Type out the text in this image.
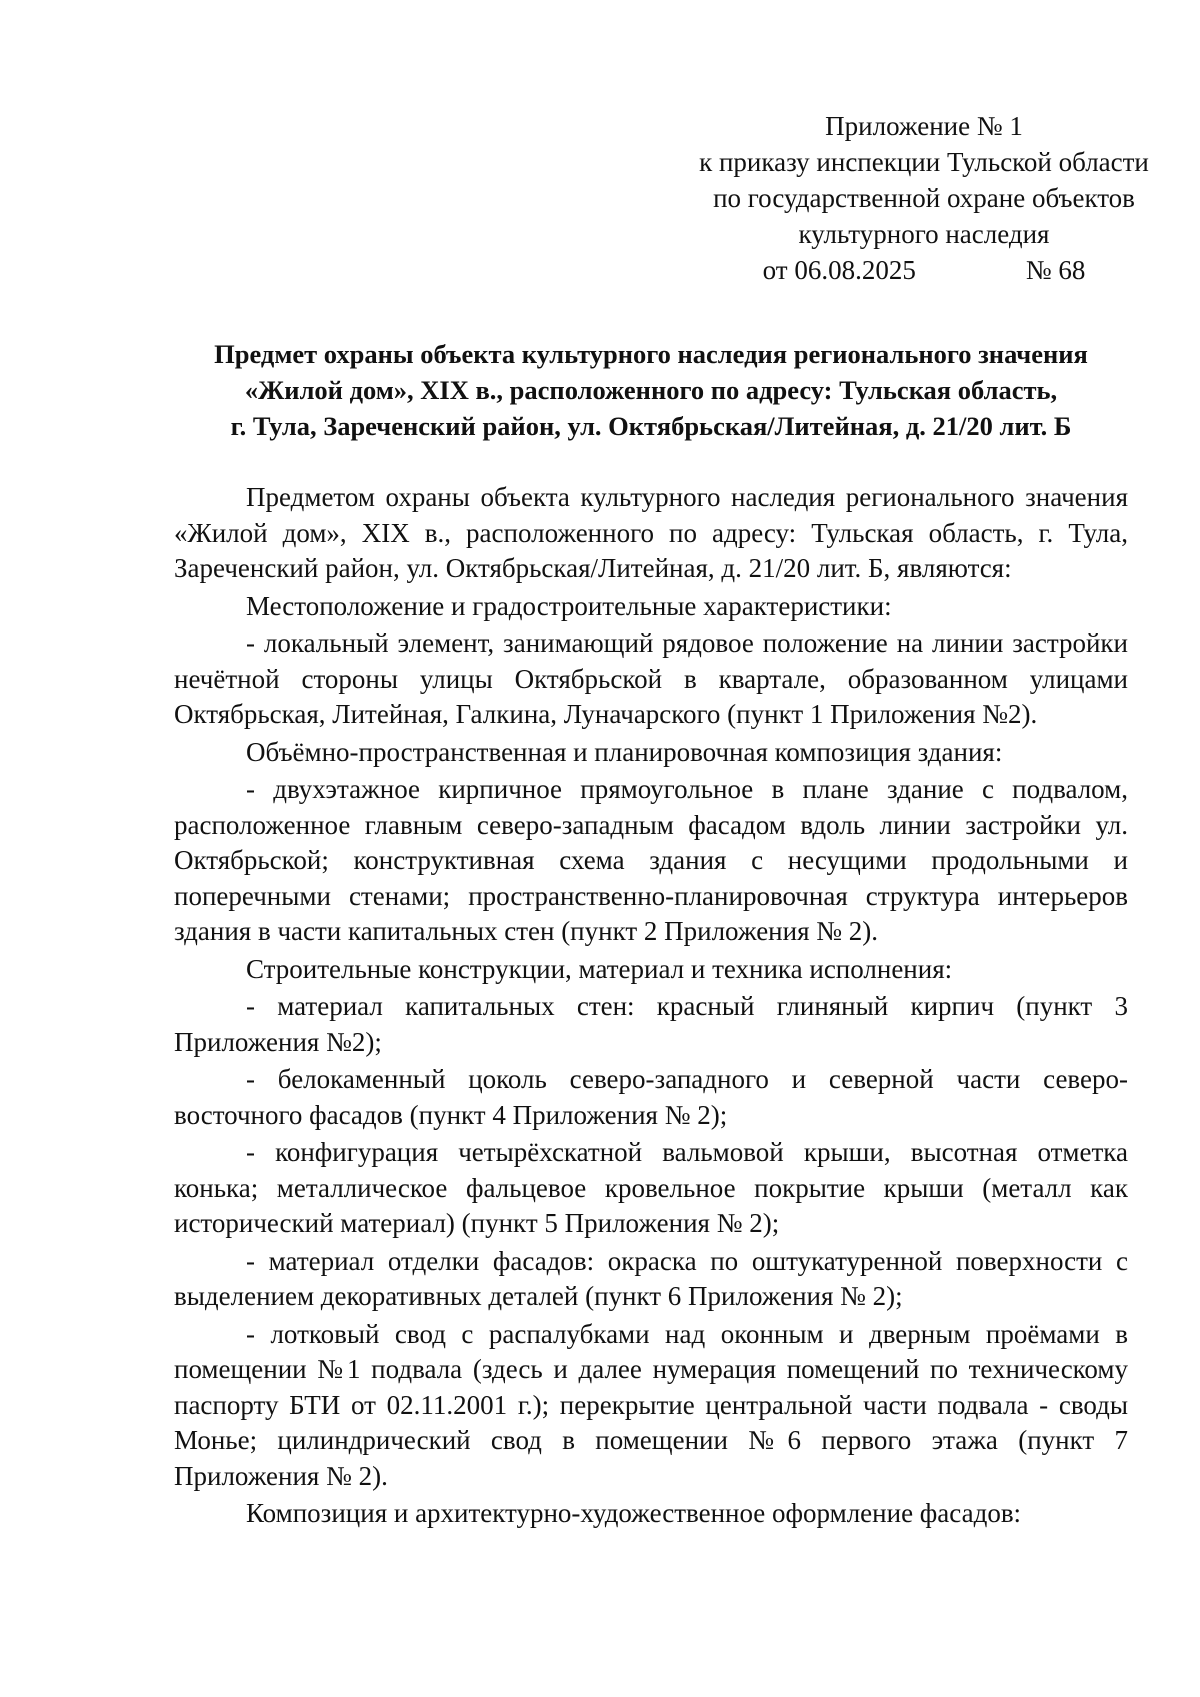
Приложение № 1
к приказу инспекции Тульской области
по государственной охране объектов
культурного наследия
от 06.08.2025	№ 68
Предмет охраны объекта культурного наследия регионального значения
«Жилой дом», XIX в., расположенного по адресу: Тульская область,
г. Тула, Зареченский район, ул. Октябрьская/Литейная, д. 21/20 лит. Б

Предметом охраны объекта культурного наследия регионального значения «Жилой дом», XIX в., расположенного по адресу: Тульская область, г. Тула, Зареченский район, ул. Октябрьская/Литейная, д. 21/20 лит. Б, являются:

Местоположение и градостроительные характеристики:

- локальный элемент, занимающий рядовое положение на линии застройки нечётной стороны улицы Октябрьской в квартале, образованном улицами Октябрьская, Литейная, Галкина, Луначарского (пункт 1 Приложения №2).

Объёмно-пространственная и планировочная композиция здания:

- двухэтажное кирпичное прямоугольное в плане здание с подвалом, расположенное главным северо-западным фасадом вдоль линии застройки ул. Октябрьской; конструктивная схема здания с несущими продольными и поперечными стенами; пространственно-планировочная структура интерьеров здания в части капитальных стен (пункт 2 Приложения № 2).

Строительные конструкции, материал и техника исполнения:

- материал капитальных стен: красный глиняный кирпич (пункт 3 Приложения №2);

- белокаменный цоколь северо-западного и северной части северо-восточного фасадов (пункт 4 Приложения № 2);

- конфигурация четырёхскатной вальмовой крыши, высотная отметка конька; металлическое фальцевое кровельное покрытие крыши (металл как исторический материал) (пункт 5 Приложения № 2);

- материал отделки фасадов: окраска по оштукатуренной поверхности с выделением декоративных деталей (пункт 6 Приложения № 2);

- лотковый свод с распалубками над оконным и дверным проёмами в помещении №1 подвала (здесь и далее нумерация помещений по техническому паспорту БТИ от 02.11.2001 г.); перекрытие центральной части подвала - своды Монье; цилиндрический свод в помещении №6 первого этажа (пункт 7 Приложения № 2).

Композиция и архитектурно-художественное оформление фасадов:
